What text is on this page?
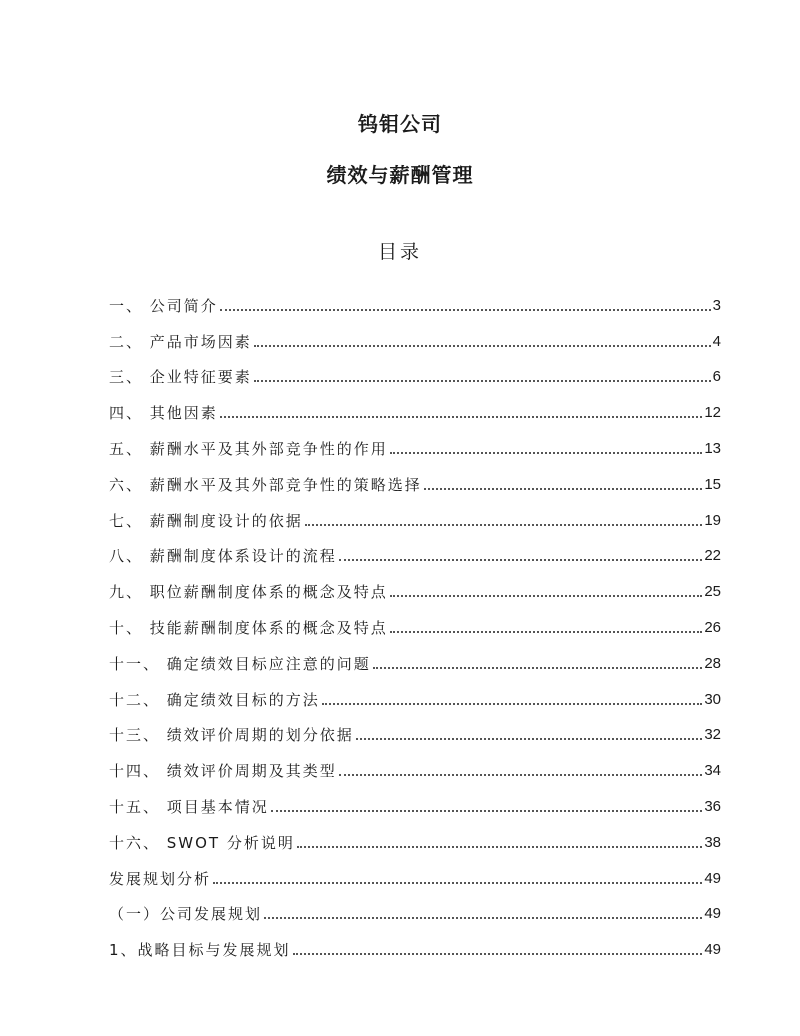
钨钼公司
绩效与薪酬管理
目录
一、 公司简介	3
二、 产品市场因素	4
三、 企业特征要素	6
四、 其他因素	12
五、 薪酬水平及其外部竞争性的作用	13
六、 薪酬水平及其外部竞争性的策略选择	15
七、 薪酬制度设计的依据	19
八、 薪酬制度体系设计的流程	22
九、 职位薪酬制度体系的概念及特点	25
十、 技能薪酬制度体系的概念及特点	26
十一、 确定绩效目标应注意的问题	28
十二、 确定绩效目标的方法	30
十三、 绩效评价周期的划分依据	32
十四、 绩效评价周期及其类型	34
十五、 项目基本情况	36
十六、 SWOT 分析说明	38
发展规划分析	49
（一）公司发展规划	49
1、战略目标与发展规划	49
